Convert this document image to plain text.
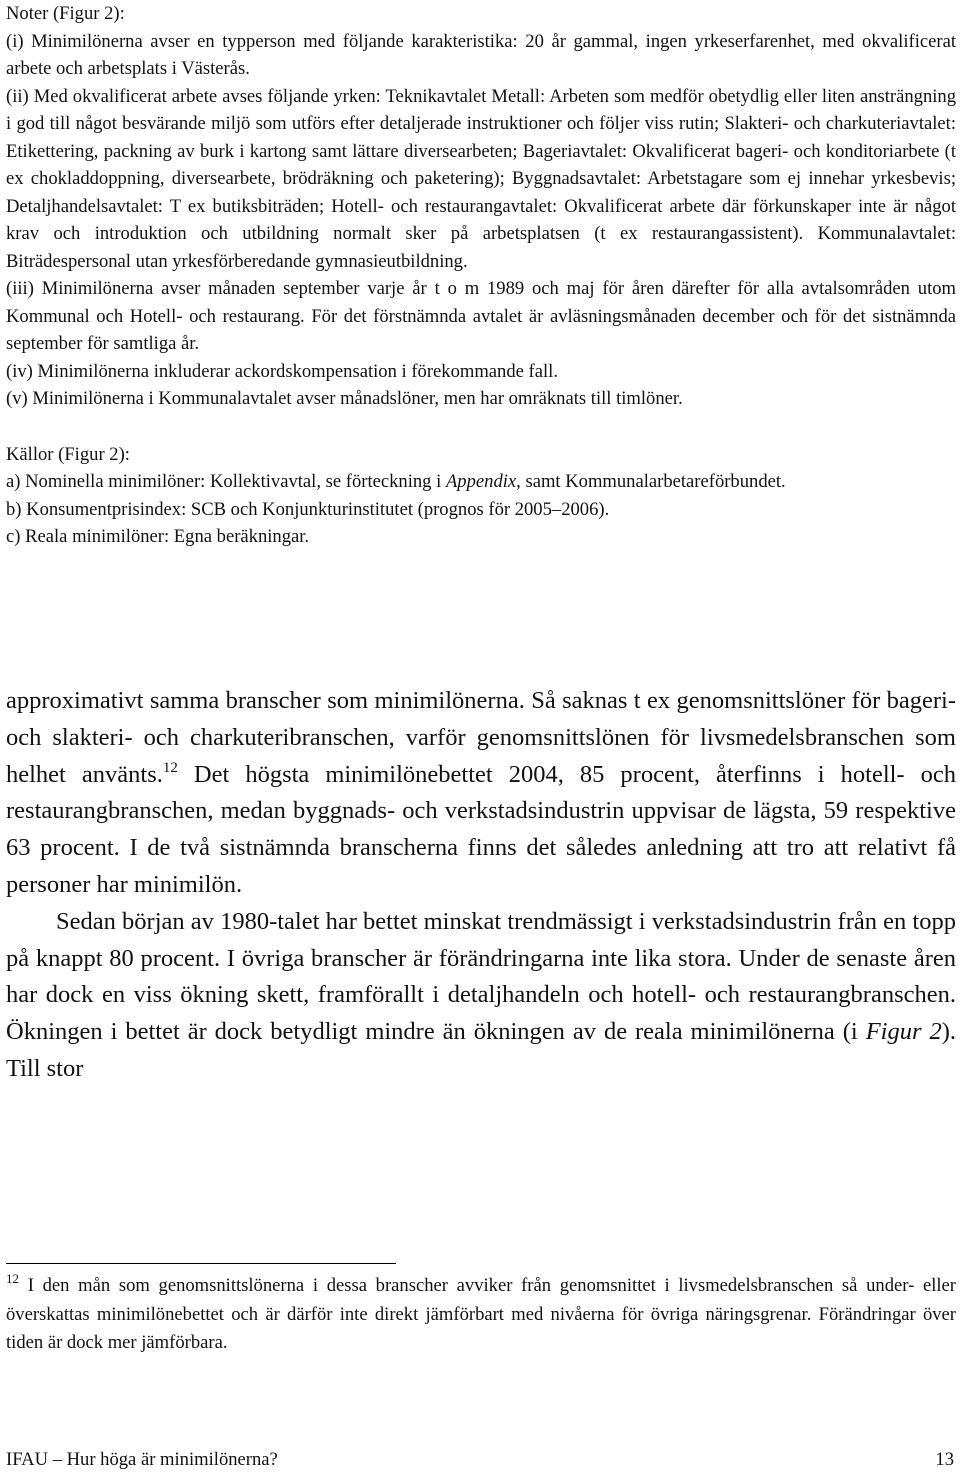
Noter (Figur 2):

(i) Minimilönerna avser en typperson med följande karakteristika: 20 år gammal, ingen yrkeserfarenhet, med okvalificerat arbete och arbetsplats i Västerås.

(ii) Med okvalificerat arbete avses följande yrken: Teknikavtalet Metall: Arbeten som medför obetydlig eller liten ansträngning i god till något besvärande miljö som utförs efter detaljerade instruktioner och följer viss rutin; Slakteri- och charkuteriavtalet: Etikettering, packning av burk i kartong samt lättare diversearbeten; Bageriavtalet: Okvalificerat bageri- och konditoriarbete (t ex chokladdoppning, diversearbete, brödräkning och paketering); Byggnadsavtalet: Arbetstagare som ej innehar yrkesbevis; Detaljhandelsavtalet: T ex butiksbiträden; Hotell- och restaurangavtalet: Okvalificerat arbete där förkunskaper inte är något krav och introduktion och utbildning normalt sker på arbetsplatsen (t ex restaurangassistent). Kommunalavtalet: Biträdespersonal utan yrkesförberedande gymnasieutbildning.

(iii) Minimilönerna avser månaden september varje år t o m 1989 och maj för åren därefter för alla avtalsområden utom Kommunal och Hotell- och restaurang. För det förstnämnda avtalet är avläsningsmånaden december och för det sistnämnda september för samtliga år.

(iv) Minimilönerna inkluderar ackordskompensation i förekommande fall.

(v) Minimilönerna i Kommunalavtalet avser månadslöner, men har omräknats till timlöner.

Källor (Figur 2):

a) Nominella minimilöner: Kollektivavtal, se förteckning i Appendix, samt Kommunalarbetareförbundet.

b) Konsumentprisindex: SCB och Konjunkturinstitutet (prognos för 2005–2006).

c) Reala minimilöner: Egna beräkningar.

approximativt samma branscher som minimilönerna. Så saknas t ex genomsnittslöner för bageri- och slakteri- och charkuteribranschen, varför genomsnittslönen för livsmedelsbranschen som helhet använts.$^{12}$ Det högsta minimilönebettet 2004, 85 procent, återfinns i hotell- och restaurangbranschen, medan byggnads- och verkstadsindustrin uppvisar de lägsta, 59 respektive 63 procent. I de två sistnämnda branscherna finns det således anledning att tro att relativt få personer har minimilön.

Sedan början av 1980-talet har bettet minskat trendmässigt i verkstadsindustrin från en topp på knappt 80 procent. I övriga branscher är förändringarna inte lika stora. Under de senaste åren har dock en viss ökning skett, framförallt i detaljhandeln och hotell- och restaurangbranschen. Ökningen i bettet är dock betydligt mindre än ökningen av de reala minimilönerna (i Figur 2). Till stor

$^{12}$ I den mån som genomsnittslönerna i dessa branscher avviker från genomsnittet i livsmedelsbranschen så under- eller överskattas minimilönebettet och är därför inte direkt jämförbart med nivåerna för övriga näringsgrenar. Förändringar över tiden är dock mer jämförbara.

IFAU – Hur höga är minimilönerna?	13
